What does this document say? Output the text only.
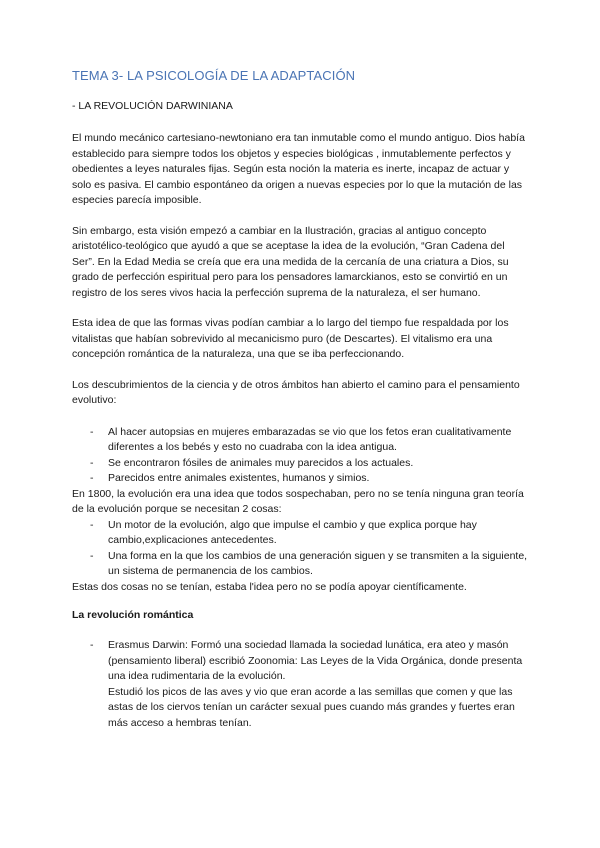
TEMA 3- LA PSICOLOGÍA DE LA ADAPTACIÓN
- LA REVOLUCIÓN DARWINIANA

El mundo mecánico cartesiano-newtoniano era tan inmutable como el mundo antiguo. Dios había establecido para siempre todos los objetos y especies biológicas , inmutablemente perfectos y obedientes a leyes naturales fijas. Según esta noción la materia es inerte, incapaz de actuar y solo es pasiva. El cambio espontáneo da origen a nuevas especies por lo que la mutación de las especies parecía imposible.

Sin embargo, esta visión empezó a cambiar en la Ilustración, gracias al antiguo concepto aristotélico-teológico que ayudó a que se aceptase la idea de la evolución, “Gran Cadena del Ser”. En la Edad Media se creía que era una medida de la cercanía de una criatura a Dios, su grado de perfección espiritual pero para los pensadores lamarckianos, esto se convirtió en un registro de los seres vivos hacia la perfección suprema de la naturaleza, el ser humano.

Esta idea de que las formas vivas podían cambiar a lo largo del tiempo fue respaldada por los vitalistas que habían sobrevivido al mecanicismo puro (de Descartes). El vitalismo era una concepción romántica de la naturaleza, una que se iba perfeccionando.

Los descubrimientos de la ciencia y de otros ámbitos han abierto el camino para el pensamiento evolutivo:

- Al hacer autopsias en mujeres embarazadas se vio que los fetos eran cualitativamente diferentes a los bebés y esto no cuadraba con la idea antigua.
- Se encontraron fósiles de animales muy parecidos a los actuales.
- Parecidos entre animales existentes, humanos y simios.

En 1800, la evolución era una idea que todos sospechaban, pero no se tenía ninguna gran teoría de la evolución porque se necesitan 2 cosas:

- Un motor de la evolución, algo que impulse el cambio y que explica porque hay cambio,explicaciones antecedentes.
- Una forma en la que los cambios de una generación siguen y se transmiten a la siguiente, un sistema de permanencia de los cambios.

Estas dos cosas no se tenían, estaba l'idea pero no se podía apoyar científicamente.

La revolución romántica
- Erasmus Darwin: Formó una sociedad llamada la sociedad lunática, era ateo y masón (pensamiento liberal) escribió Zoonomia: Las Leyes de la Vida Orgánica, donde presenta una idea rudimentaria de la evolución.
Estudió los picos de las aves y vio que eran acorde a las semillas que comen y que las astas de los ciervos tenían un carácter sexual pues cuando más grandes y fuertes eran más acceso a hembras tenían.
